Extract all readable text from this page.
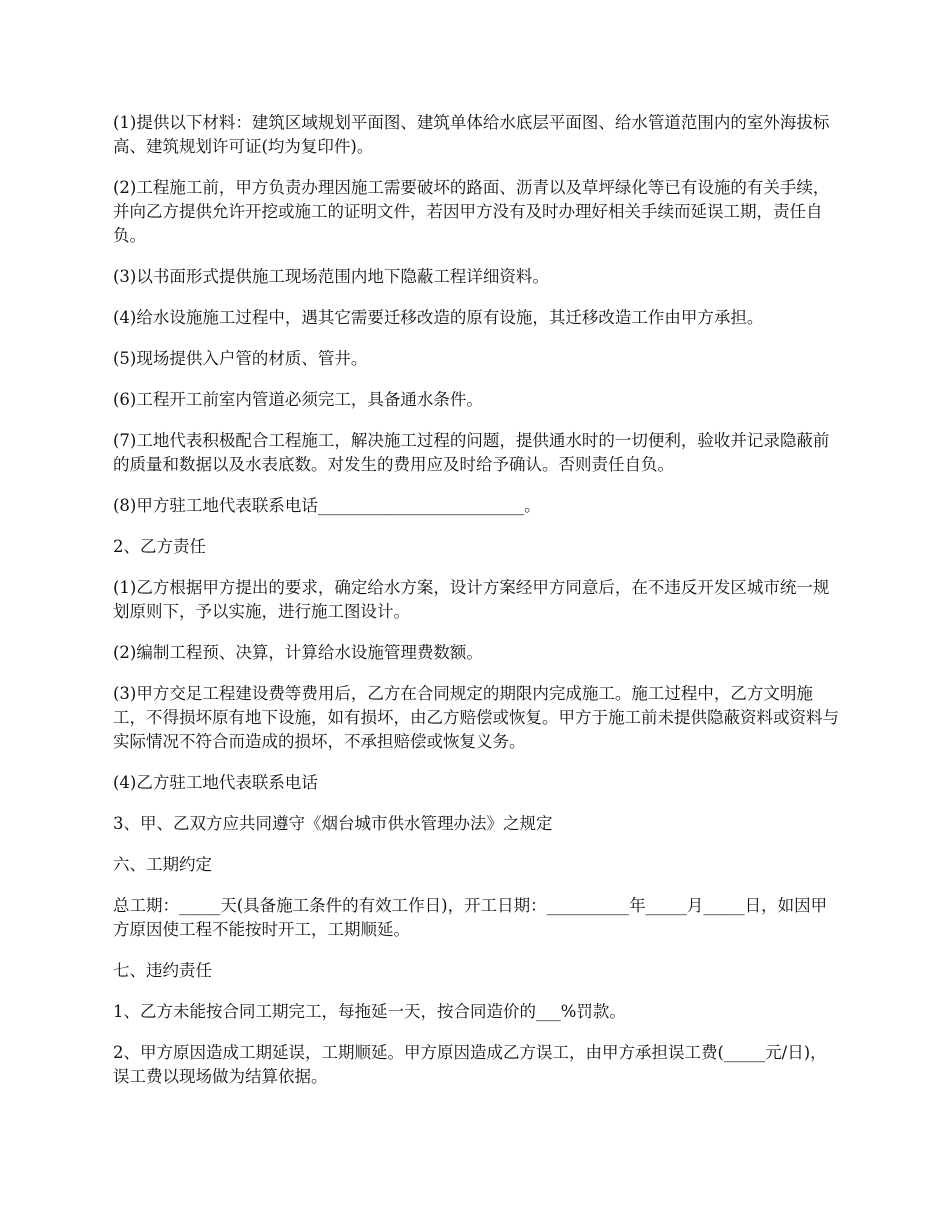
(1)提供以下材料：建筑区域规划平面图、建筑单体给水底层平面图、给水管道范围内的室外海拔标高、建筑规划许可证(均为复印件)。

(2)工程施工前，甲方负责办理因施工需要破坏的路面、沥青以及草坪绿化等已有设施的有关手续，并向乙方提供允许开挖或施工的证明文件，若因甲方没有及时办理好相关手续而延误工期，责任自负。

(3)以书面形式提供施工现场范围内地下隐蔽工程详细资料。

(4)给水设施施工过程中，遇其它需要迁移改造的原有设施，其迁移改造工作由甲方承担。

(5)现场提供入户管的材质、管井。

(6)工程开工前室内管道必须完工，具备通水条件。

(7)工地代表积极配合工程施工，解决施工过程的问题，提供通水时的一切便利，验收并记录隐蔽前的质量和数据以及水表底数。对发生的费用应及时给予确认。否则责任自负。

(8)甲方驻工地代表联系电话_________________________。

2、乙方责任

(1)乙方根据甲方提出的要求，确定给水方案，设计方案经甲方同意后，在不违反开发区城市统一规划原则下，予以实施，进行施工图设计。

(2)编制工程预、决算，计算给水设施管理费数额。

(3)甲方交足工程建设费等费用后，乙方在合同规定的期限内完成施工。施工过程中，乙方文明施工，不得损坏原有地下设施，如有损坏，由乙方赔偿或恢复。甲方于施工前未提供隐蔽资料或资料与实际情况不符合而造成的损坏，不承担赔偿或恢复义务。

(4)乙方驻工地代表联系电话

3、甲、乙双方应共同遵守《烟台城市供水管理办法》之规定

六、工期约定

总工期：_____天(具备施工条件的有效工作日)，开工日期：__________年_____月_____日，如因甲方原因使工程不能按时开工，工期顺延。

七、违约责任

1、乙方未能按合同工期完工，每拖延一天，按合同造价的___%罚款。

2、甲方原因造成工期延误，工期顺延。甲方原因造成乙方误工，由甲方承担误工费(_____元/日)，误工费以现场做为结算依据。
